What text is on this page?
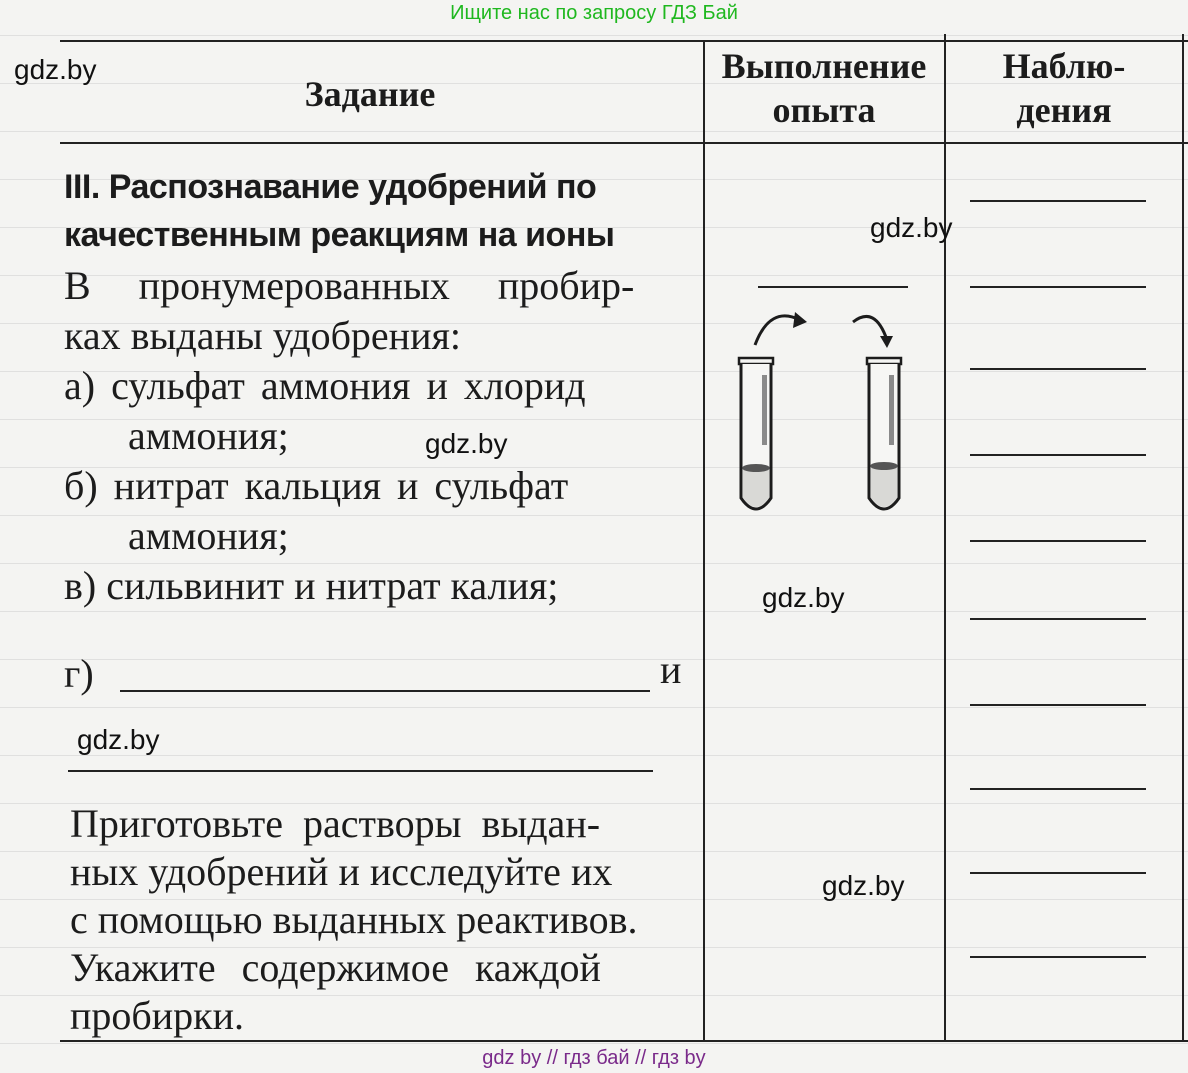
Ищите нас по запросу ГДЗ Бай
Задание
Выполнение
опыта
Наблю-
дения
III. Распознавание удобрений по
качественным реакциям на ионы
В пронумерованных пробир-
ках выданы удобрения:
а) сульфат аммония и хлорид
аммония;
б) нитрат кальция и сульфат
аммония;
в) сильвинит и нитрат калия;
г)	и
Приготовьте растворы выдан-
ных удобрений и исследуйте их
с помощью выданных реактивов.
Укажите содержимое каждой
пробирки.
gdz.by
gdz.by
gdz.by
gdz.by
gdz.by
gdz.by
gdz by // гдз бай // гдз by
